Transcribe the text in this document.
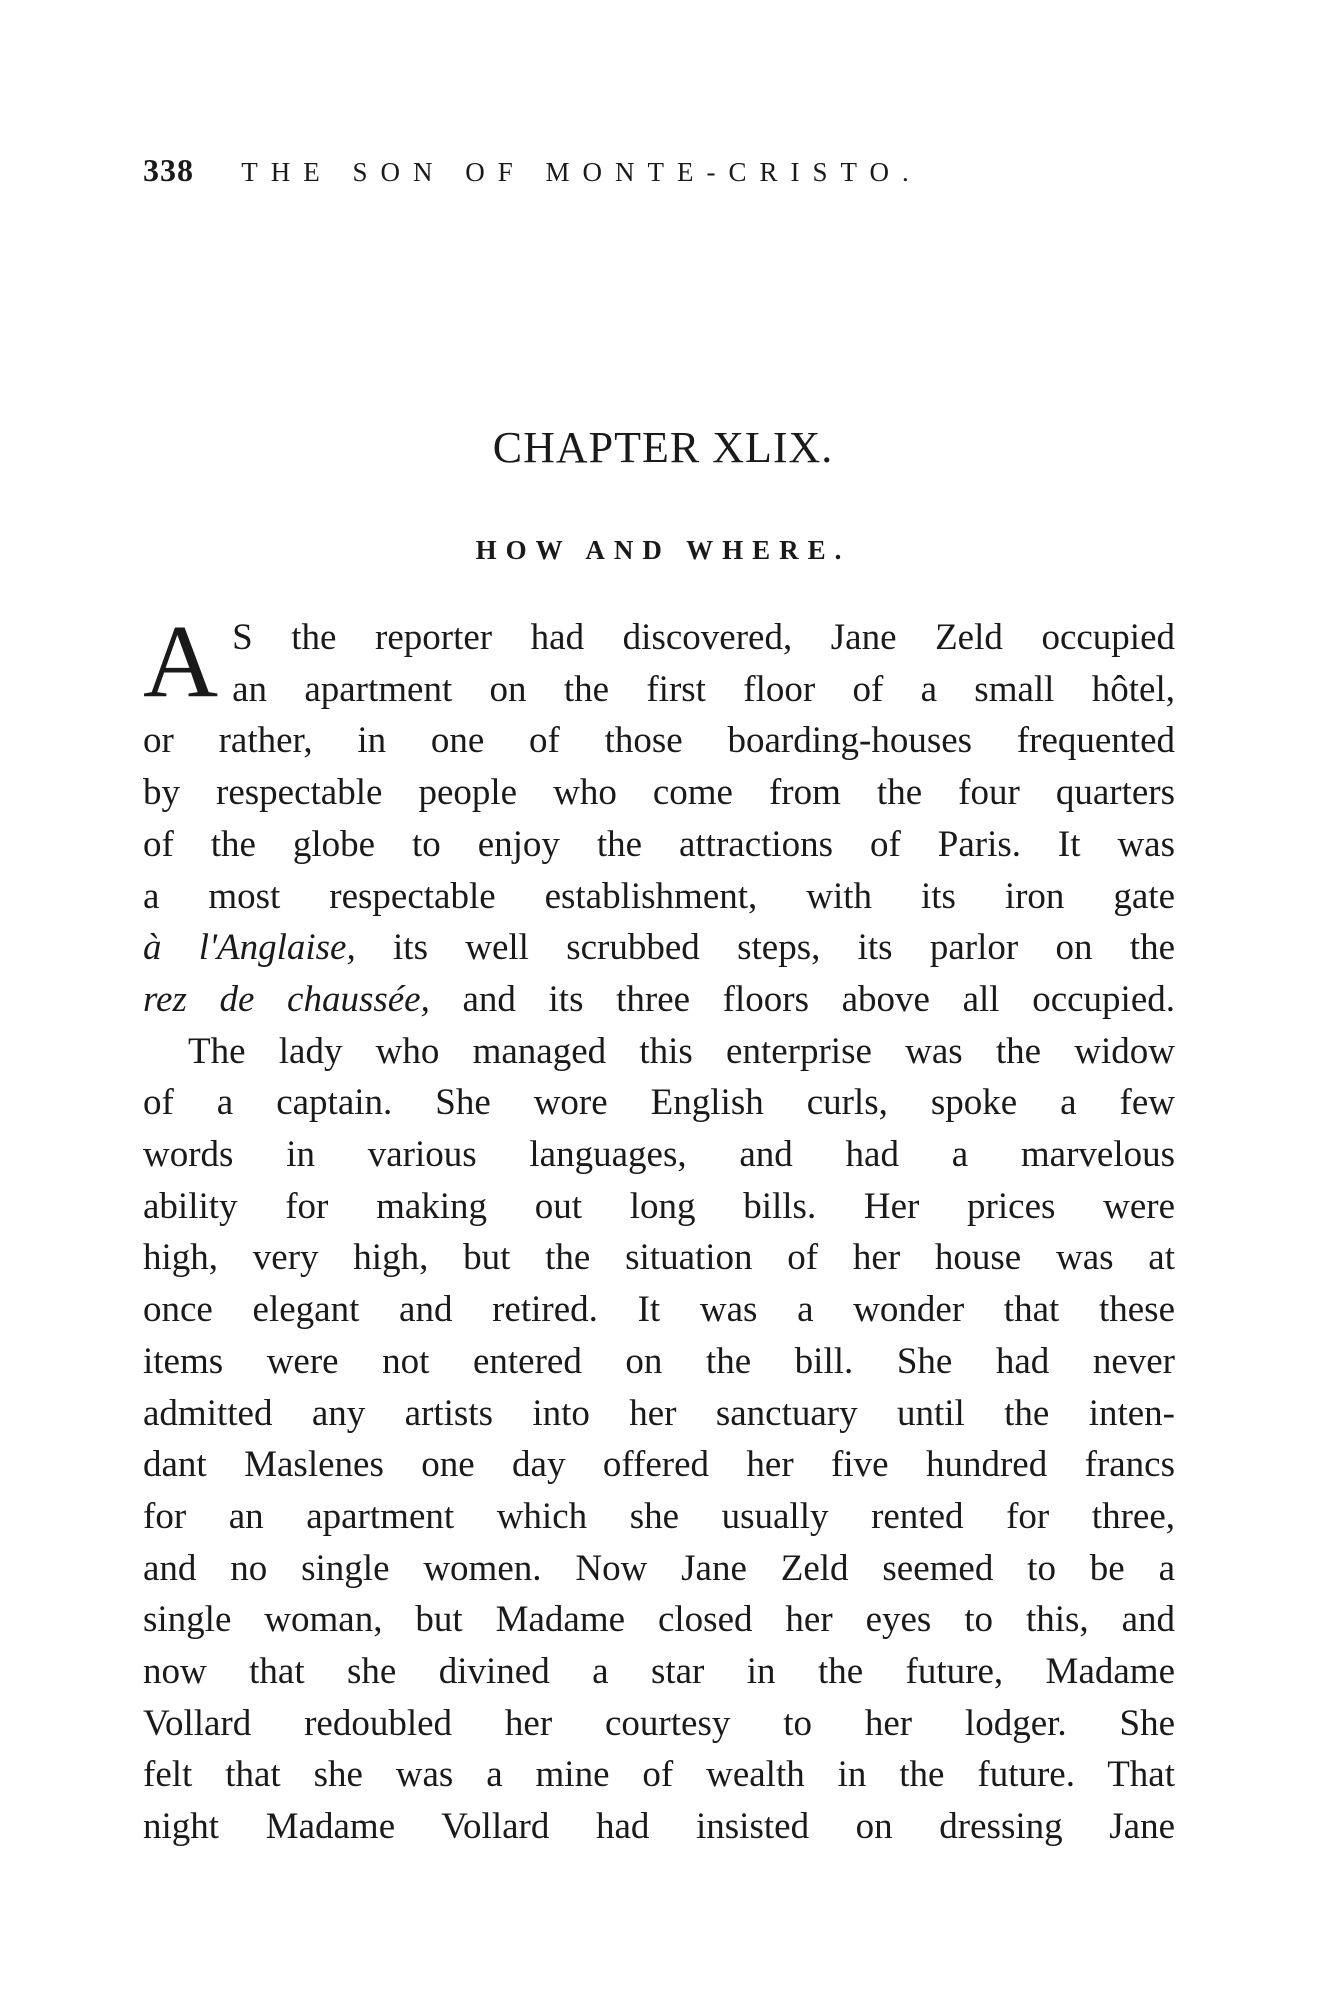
338 THE SON OF MONTE-CRISTO.
CHAPTER XLIX.
HOW AND WHERE.
A S the reporter had discovered, Jane Zeld occupied

an apartment on the first floor of a small hôtel,

or rather, in one of those boarding-houses frequented

by respectable people who come from the four quarters

of the globe to enjoy the attractions of Paris. It was

a most respectable establishment, with its iron gate

à l'Anglaise, its well scrubbed steps, its parlor on the

rez de chaussée, and its three floors above all occupied.

The lady who managed this enterprise was the widow

of a captain. She wore English curls, spoke a few

words in various languages, and had a marvelous

ability for making out long bills. Her prices were

high, very high, but the situation of her house was at

once elegant and retired. It was a wonder that these

items were not entered on the bill. She had never

admitted any artists into her sanctuary until the inten-

dant Maslenes one day offered her five hundred francs

for an apartment which she usually rented for three,

and no single women. Now Jane Zeld seemed to be a

single woman, but Madame closed her eyes to this, and

now that she divined a star in the future, Madame

Vollard redoubled her courtesy to her lodger. She

felt that she was a mine of wealth in the future. That

night Madame Vollard had insisted on dressing Jane
